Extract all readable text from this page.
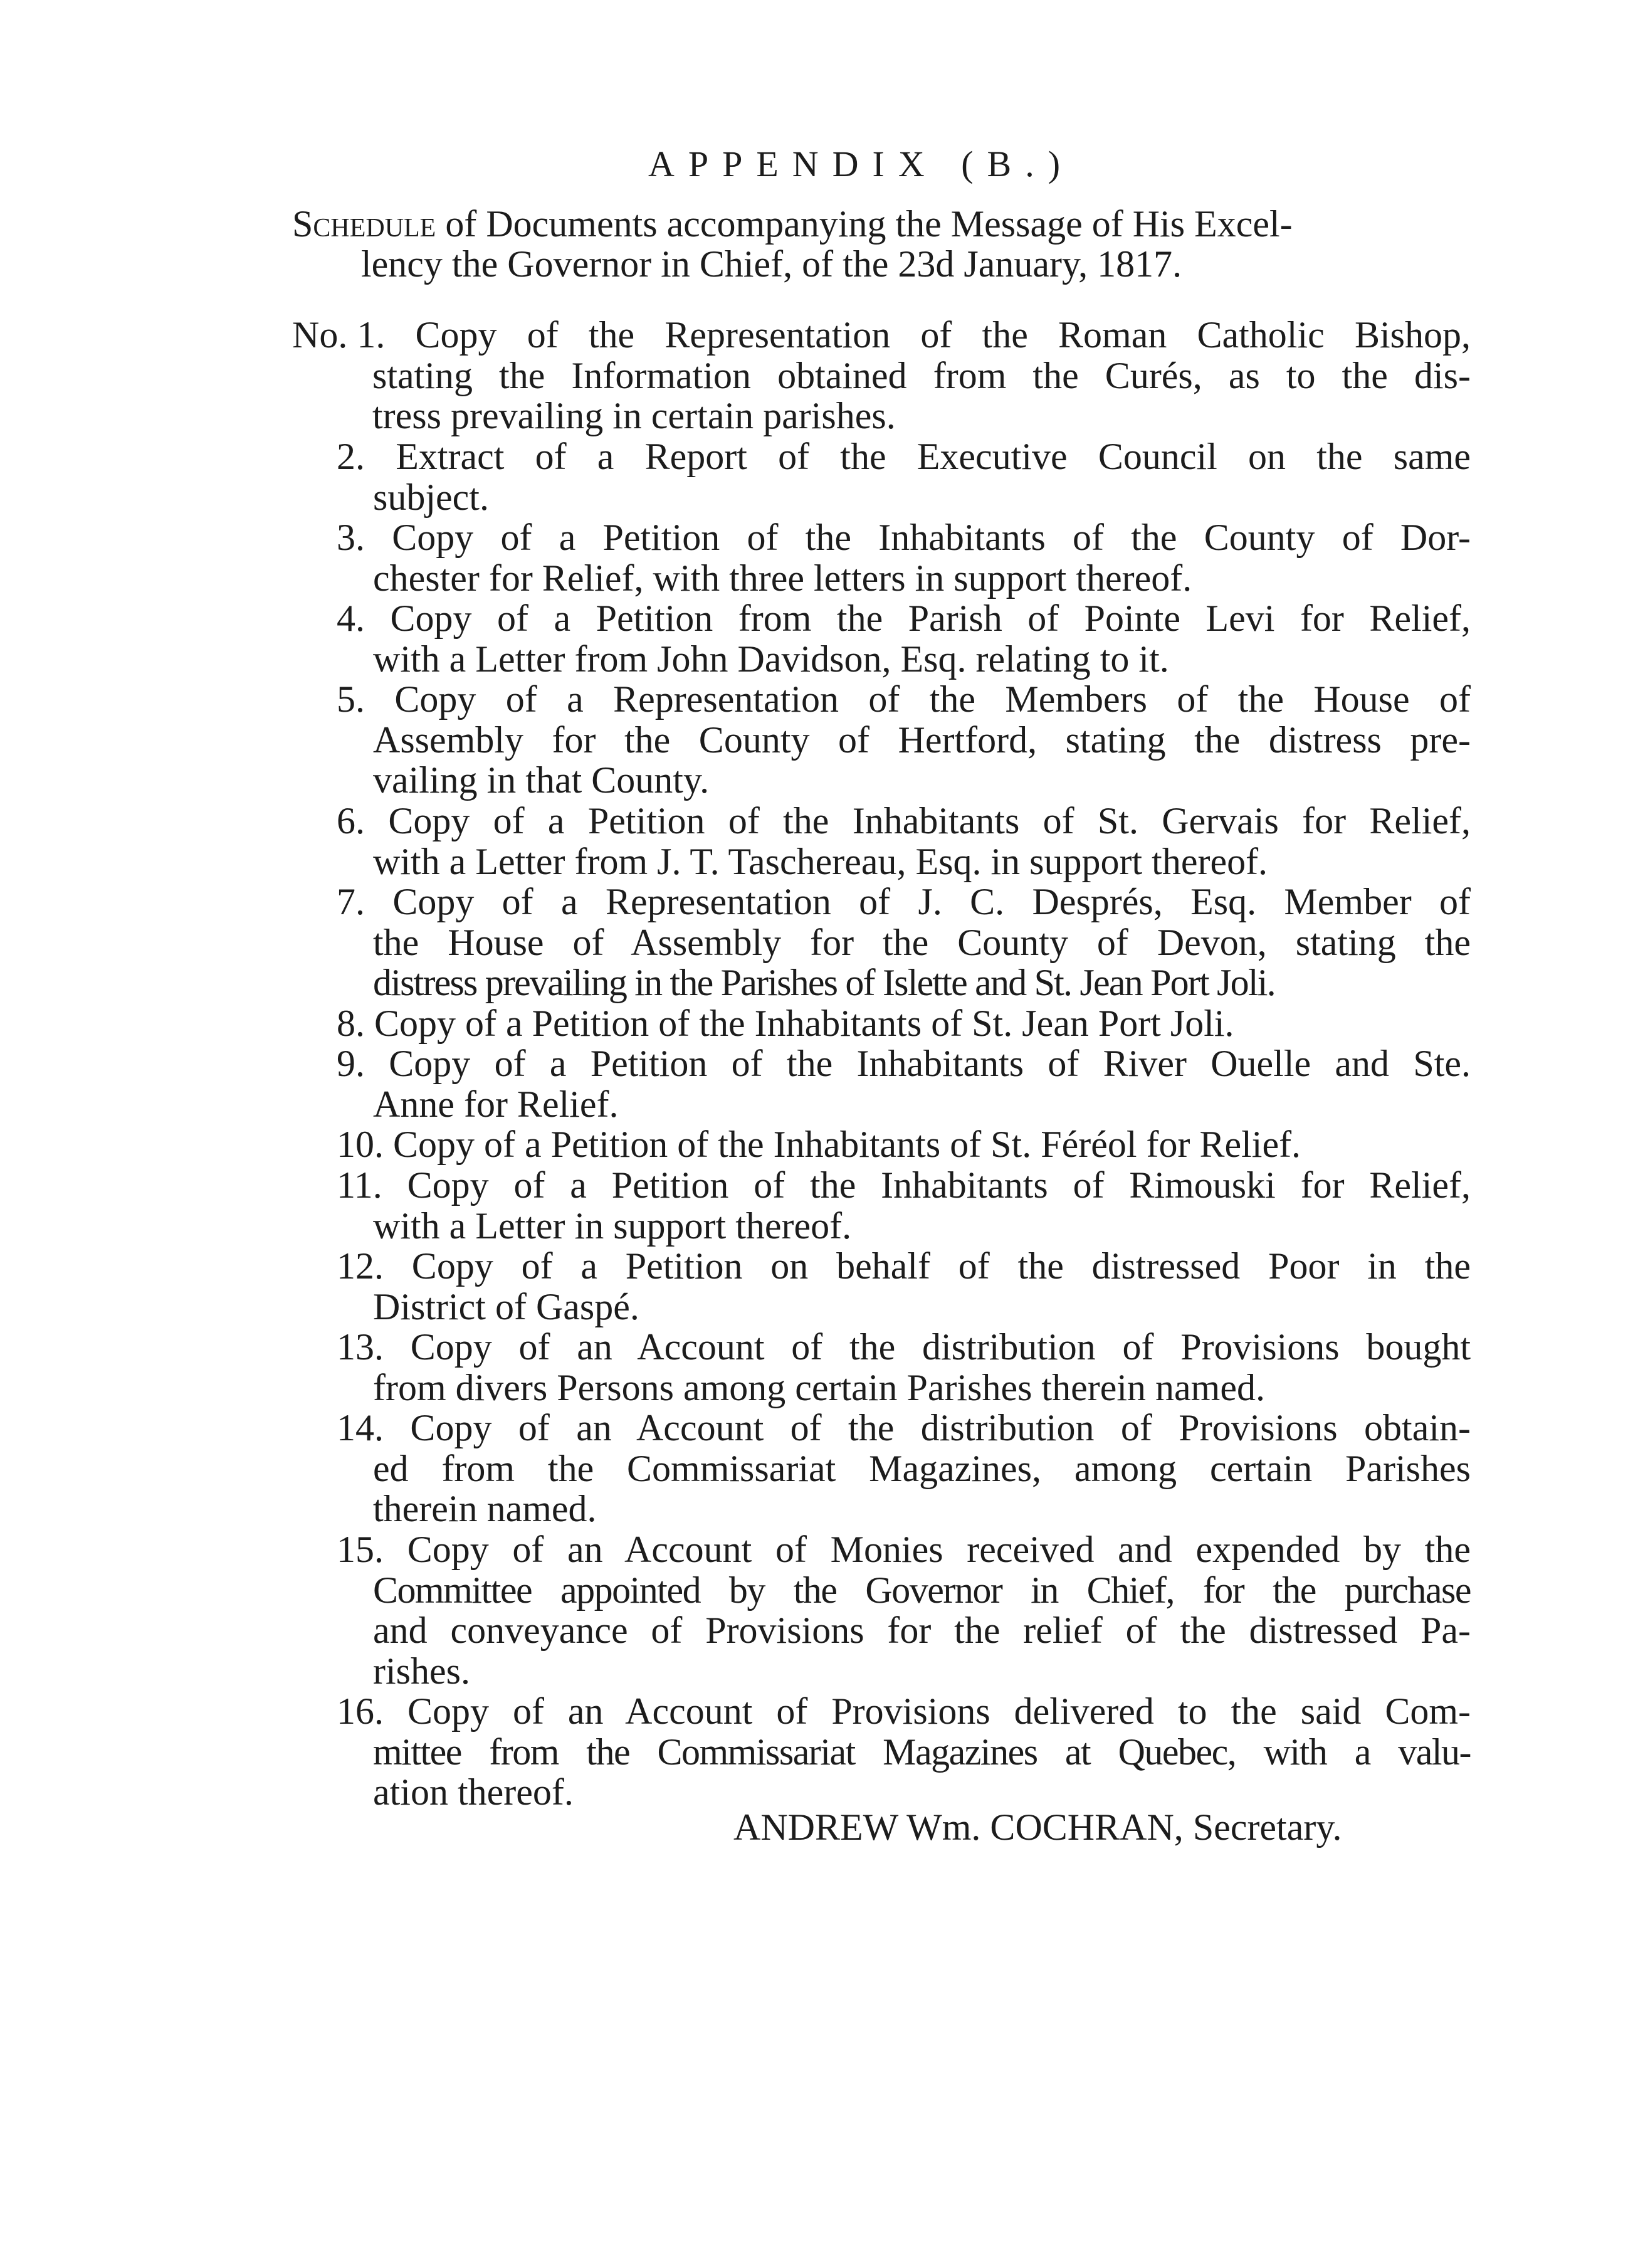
APPENDIX (B.)
Schedule of Documents accompanying the Message of His Excel-
lency the Governor in Chief, of the 23d January, 1817.
No. 1. Copy of the Representation of the Roman Catholic Bishop,
stating the Information obtained from the Curés, as to the dis-
tress prevailing in certain parishes.
2. Extract of a Report of the Executive Council on the same
subject.
3. Copy of a Petition of the Inhabitants of the County of Dor-
chester for Relief, with three letters in support thereof.
4. Copy of a Petition from the Parish of Pointe Levi for Relief,
with a Letter from John Davidson, Esq. relating to it.
5. Copy of a Representation of the Members of the House of
Assembly for the County of Hertford, stating the distress pre-
vailing in that County.
6. Copy of a Petition of the Inhabitants of St. Gervais for Relief,
with a Letter from J. T. Taschereau, Esq. in support thereof.
7. Copy of a Representation of J. C. Després, Esq. Member of
the House of Assembly for the County of Devon, stating the
distress prevailing in the Parishes of Islette and St. Jean Port Joli.
8. Copy of a Petition of the Inhabitants of St. Jean Port Joli.
9. Copy of a Petition of the Inhabitants of River Ouelle and Ste.
Anne for Relief.
10. Copy of a Petition of the Inhabitants of St. Féréol for Relief.
11. Copy of a Petition of the Inhabitants of Rimouski for Relief,
with a Letter in support thereof.
12. Copy of a Petition on behalf of the distressed Poor in the
District of Gaspé.
13. Copy of an Account of the distribution of Provisions bought
from divers Persons among certain Parishes therein named.
14. Copy of an Account of the distribution of Provisions obtain-
ed from the Commissariat Magazines, among certain Parishes
therein named.
15. Copy of an Account of Monies received and expended by the
Committee appointed by the Governor in Chief, for the purchase
and conveyance of Provisions for the relief of the distressed Pa-
rishes.
16. Copy of an Account of Provisions delivered to the said Com-
mittee from the Commissariat Magazines at Quebec, with a valu-
ation thereof.
ANDREW Wm. COCHRAN, Secretary.
